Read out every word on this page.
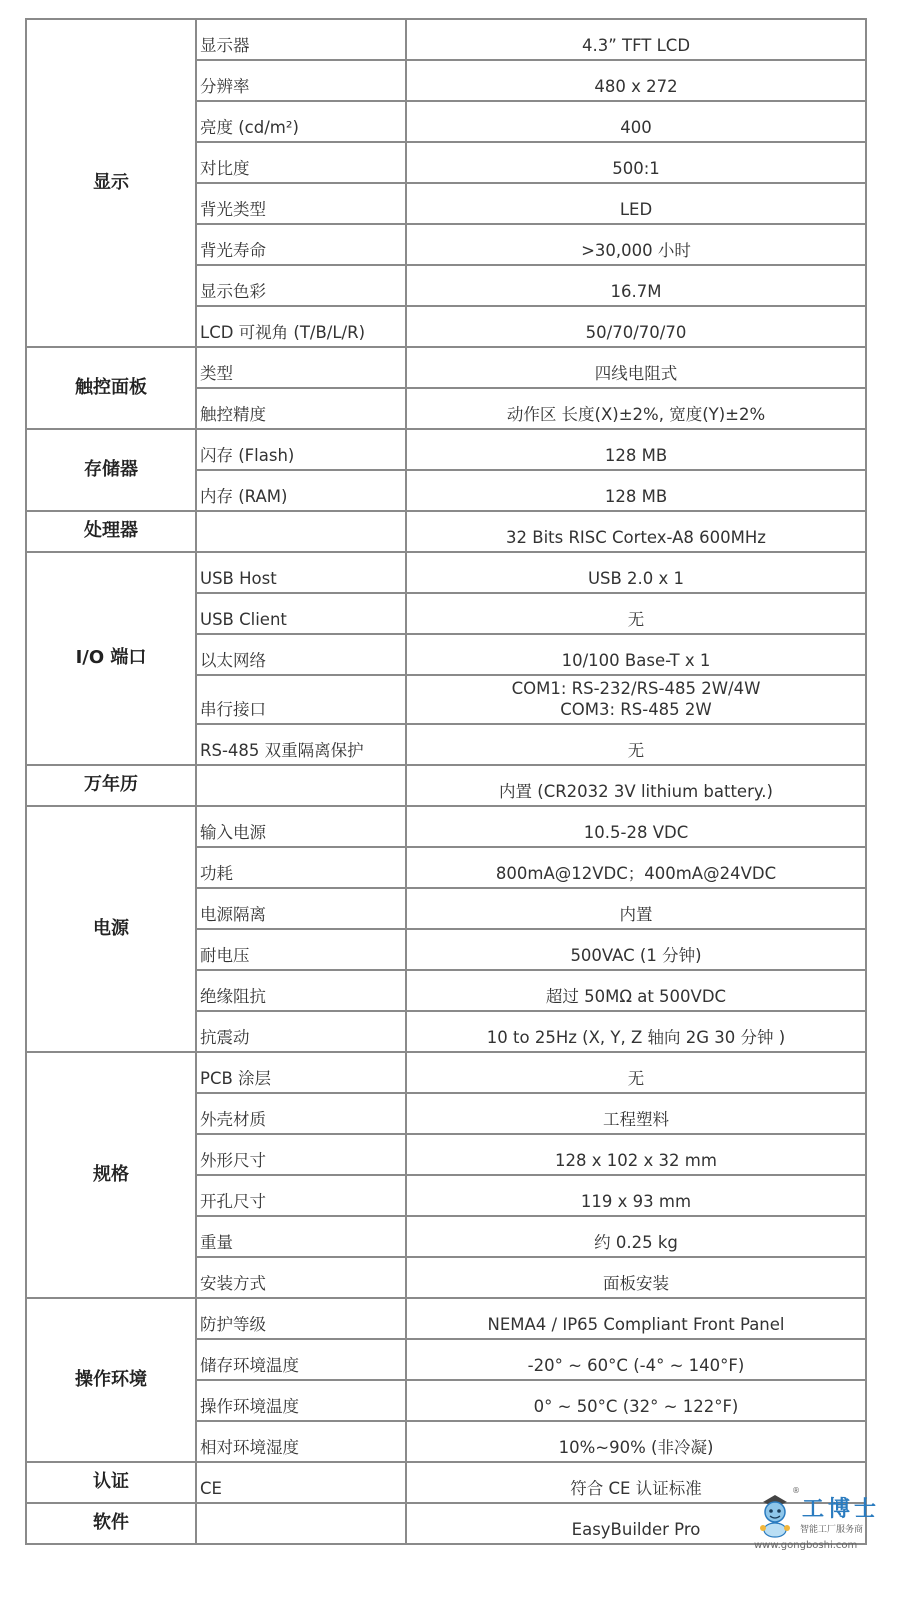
显示	显示器	4.3” TFT LCD
	分辨率	480 x 272
	亮度 (cd/m²)	400
	对比度	500:1
	背光类型	LED
	背光寿命	>30,000 小时
	显示色彩	16.7M
	LCD 可视角 (T/B/L/R)	50/70/70/70
触控面板	类型	四线电阻式
	触控精度	动作区 长度(X)±2%, 宽度(Y)±2%
存储器	闪存 (Flash)	128 MB
	内存 (RAM)	128 MB
处理器		32 Bits RISC Cortex-A8 600MHz
I/O 端口	USB Host	USB 2.0 x 1
	USB Client	无
	以太网络	10/100 Base-T x 1
	串行接口	COM1: RS-232/RS-485 2W/4W
COM3: RS-485 2W

	RS-485 双重隔离保护	无
万年历		内置 (CR2032 3V lithium battery.)
电源	输入电源	10.5-28 VDC
	功耗	800mA@12VDC；400mA@24VDC
	电源隔离	内置
	耐电压	500VAC (1 分钟)
	绝缘阻抗	超过 50MΩ at 500VDC
	抗震动	10 to 25Hz (X, Y, Z 轴向 2G 30 分钟 )
规格	PCB 涂层	无
	外壳材质	工程塑料
	外形尺寸	128 x 102 x 32 mm
	开孔尺寸	119 x 93 mm
	重量	约 0.25 kg
	安装方式	面板安装
操作环境	防护等级	NEMA4 / IP65 Compliant Front Panel
	储存环境温度	-20° ~ 60°C (-4° ~ 140°F)
	操作环境温度	0° ~ 50°C (32° ~ 122°F)
	相对环境湿度	10%~90% (非冷凝)
认证	CE	符合 CE 认证标准
软件		EasyBuilder Pro
®
工博士
智能工厂服务商
www.gongboshi.com
